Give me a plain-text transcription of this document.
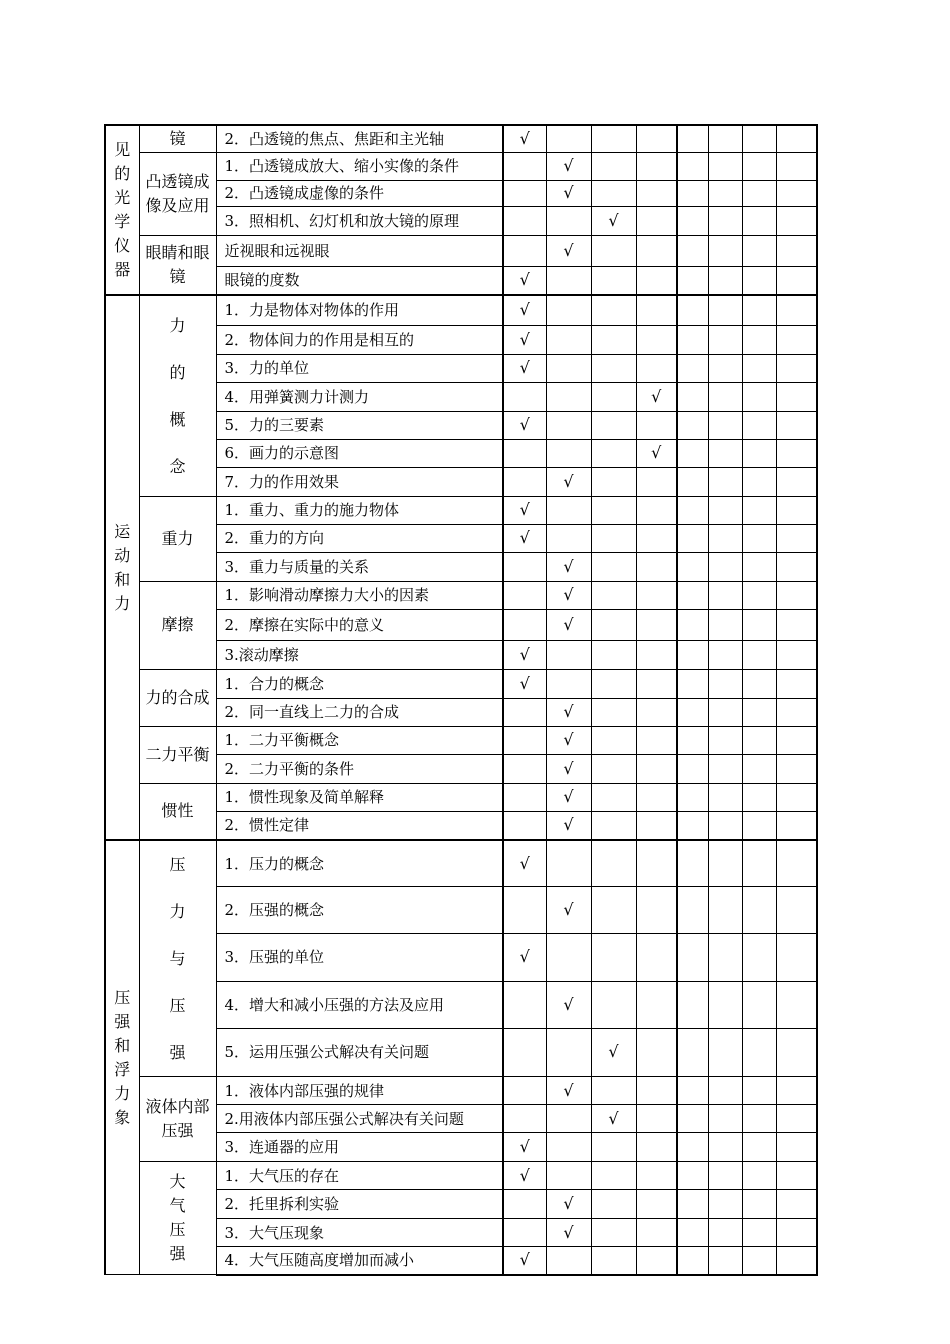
见的光学仪器	镜	2．凸透镜的焦点、焦距和主光轴	√							
	凸透镜成像及应用	1．凸透镜成放大、缩小实像的条件		√						
		2．凸透镜成虚像的条件		√						
		3．照相机、幻灯机和放大镜的原理			√					
	眼睛和眼镜	近视眼和远视眼		√						
		眼镜的度数	√							
运动和力	力的概念	1．力是物体对物体的作用	√							
		2．物体间力的作用是相互的	√							
		3．力的单位	√							
		4．用弹簧测力计测力				√				
		5．力的三要素	√							
		6．画力的示意图				√				
		7．力的作用效果		√						
	重力	1．重力、重力的施力物体	√							
		2．重力的方向	√							
		3．重力与质量的关系		√						
	摩擦	1．影响滑动摩擦力大小的因素		√						
		2．摩擦在实际中的意义		√						
		3.滚动摩擦	√							
	力的合成	1．合力的概念	√							
		2．同一直线上二力的合成		√						
	二力平衡	1．二力平衡概念		√						
		2．二力平衡的条件		√						
	惯性	1．惯性现象及简单解释		√						
		2．惯性定律		√						
压强和浮力象	压力与压强	1．压力的概念	√							
		2．压强的概念		√						
		3．压强的单位	√							
		4．增大和减小压强的方法及应用		√						
		5．运用压强公式解决有关问题			√					
	液体内部压强	1．液体内部压强的规律		√						
		2.用液体内部压强公式解决有关问题			√					
		3．连通器的应用	√							
	大气压强	1．大气压的存在	√							
		2．托里拆利实验		√						
		3．大气压现象		√						
		4．大气压随高度增加而减小	√							
